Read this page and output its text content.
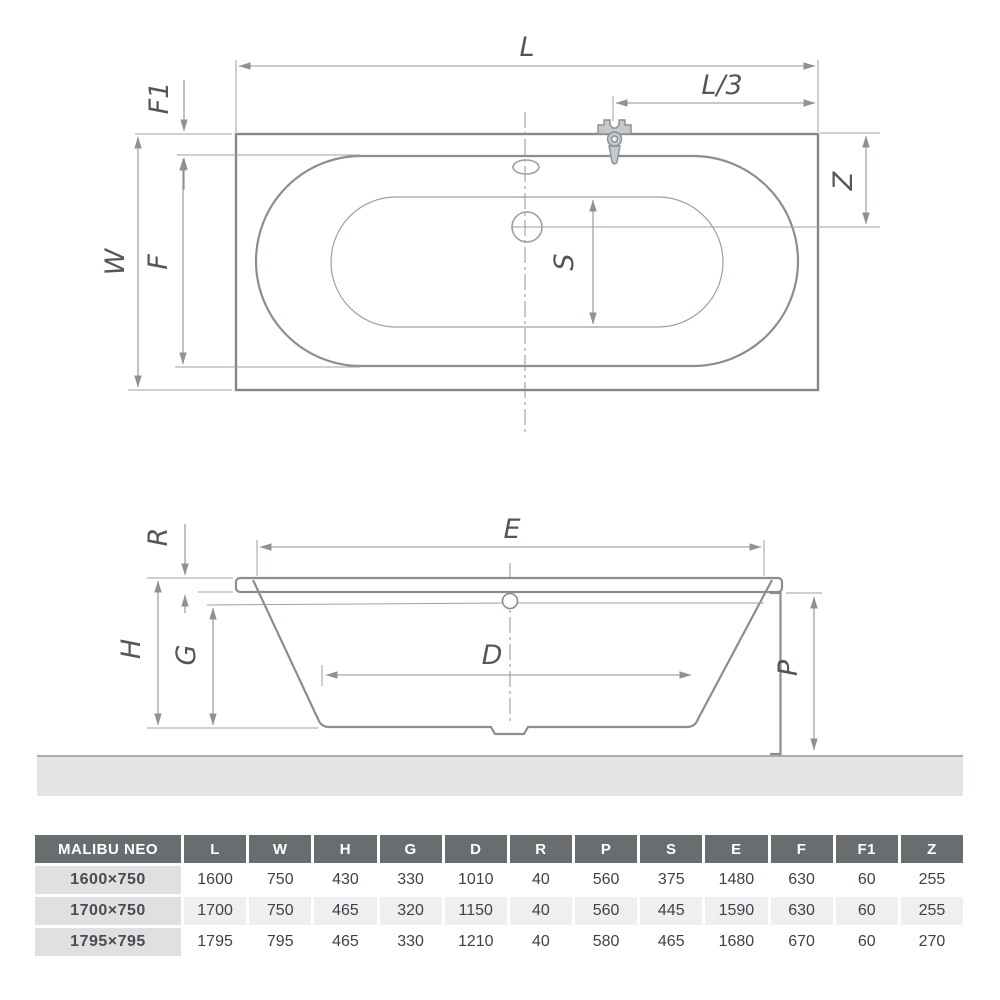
L
L/3
F1
W F
Z
S
E
R
H G	D	P
MALIBU NEO	L	W	H	G	D	R	P	S	E	F	F1	Z
1600×750	1600	750	430	330	1010	40	560	375	1480	630	60	255
1700×750	1700	750	465	320	1150	40	560	445	1590	630	60	255
1795×795	1795	795	465	330	1210	40	580	465	1680	670	60	270
